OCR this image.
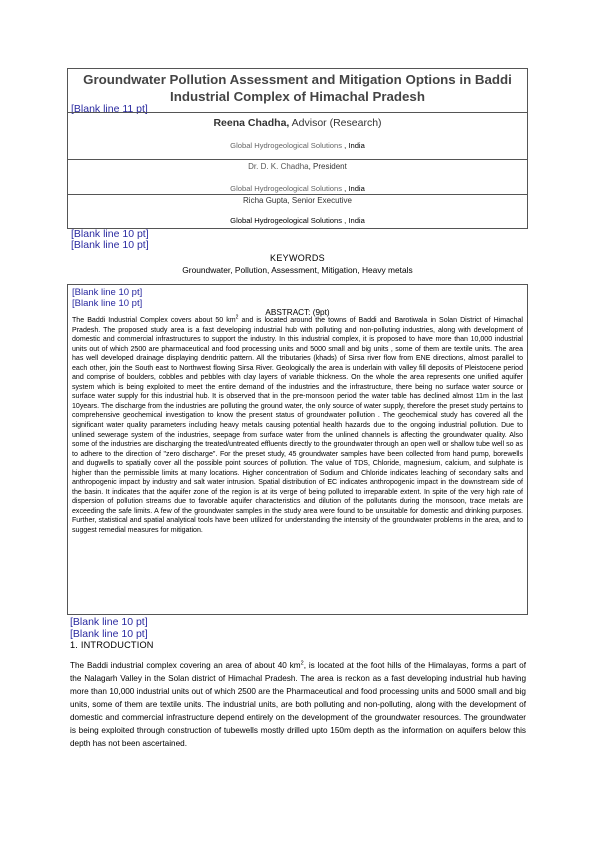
Groundwater Pollution Assessment and Mitigation Options in Baddi Industrial Complex of Himachal Pradesh
[Blank line 11 pt]
Reena Chadha, Advisor (Research)
Global Hydrogeological Solutions , India
Dr. D. K. Chadha, President
Global Hydrogeological Solutions , India
Richa Gupta, Senior Executive
Global Hydrogeological Solutions , India
[Blank line 10 pt]
[Blank line 10 pt]
KEYWORDS
Groundwater, Pollution, Assessment, Mitigation, Heavy metals
[Blank line 10 pt]
[Blank line 10 pt]
ABSTRACT: (9pt)
The Baddi Industrial Complex covers about 50 $km^2$ and is located around the towns of Baddi and Barotiwala in Solan District of Himachal Pradesh. The proposed study area is a fast developing industrial hub with polluting and non-polluting industries, along with development of domestic and commercial infrastructures to support the industry. In this industrial complex, it is proposed to have more than 10,000 industrial units out of which 2500 are pharmaceutical and food processing units and 5000 small and big units , some of them are textile units. The area has well developed drainage displaying dendritic pattern. All the tributaries (khads) of Sirsa river flow from ENE directions, almost parallel to each other, join the South east to Northwest flowing Sirsa River. Geologically the area is underlain with valley fill deposits of Pleistocene period and comprise of boulders, cobbles and pebbles with clay layers of variable thickness. On the whole the area represents one unified aquifer system which is being exploited to meet the entire demand of the industries and the infrastructure, there being no surface water source or surface water supply for this industrial hub. It is observed that in the pre-monsoon period the water table has declined almost 11m in the last 10years. The discharge from the industries are polluting the ground water, the only source of water supply, therefore the preset study pertains to comprehensive geochemical investigation to know the present status of groundwater pollution . The geochemical study has covered all the significant water quality parameters including heavy metals causing potential health hazards due to the ongoing industrial pollution. Due to unlined sewerage system of the industries, seepage from surface water from the unlined channels is affecting the groundwater quality. Also some of the industries are discharging the treated/untreated effluents directly to the groundwater through an open well or shallow tube well so as to adhere to the direction of "zero discharge". For the preset study, 45 groundwater samples have been collected from hand pump, borewells and dugwells to spatially cover all the possible point sources of pollution. The value of TDS, Chloride, magnesium, calcium, and sulphate is higher than the permissible limits at many locations. Higher concentration of Sodium and Chloride indicates leaching of secondary salts and anthropogenic impact by industry and salt water intrusion. Spatial distribution of EC indicates anthropogenic impact in the downstream side of the basin. It indicates that the aquifer zone of the region is at its verge of being polluted to irreparable extent. In spite of the very high rate of dispersion of pollution streams due to favorable aquifer characteristics and dilution of the pollutants during the monsoon, trace metals are exceeding the safe limits. A few of the groundwater samples in the study area were found to be unsuitable for domestic and drinking purposes. Further, statistical and spatial analytical tools have been utilized for understanding the intensity of the groundwater problems in the area, and to suggest remedial measures for mitigation.
[Blank line 10 pt]
[Blank line 10 pt]
1. INTRODUCTION
The Baddi industrial complex covering an area of about 40 $km^2$, is located at the foot hills of the Himalayas, forms a part of the Nalagarh Valley in the Solan district of Himachal Pradesh. The area is reckon as a fast developing industrial hub having more than 10,000 industrial units out of which 2500 are the Pharmaceutical and food processing units and 5000 small and big units, some of them are textile units. The industrial units, are both polluting and non-polluting, along with the development of domestic and commercial infrastructure depend entirely on the development of the groundwater resources. The groundwater is being exploited through construction of tubewells mostly drilled upto 150m depth as the information on aquifers below this depth has not been ascertained.
